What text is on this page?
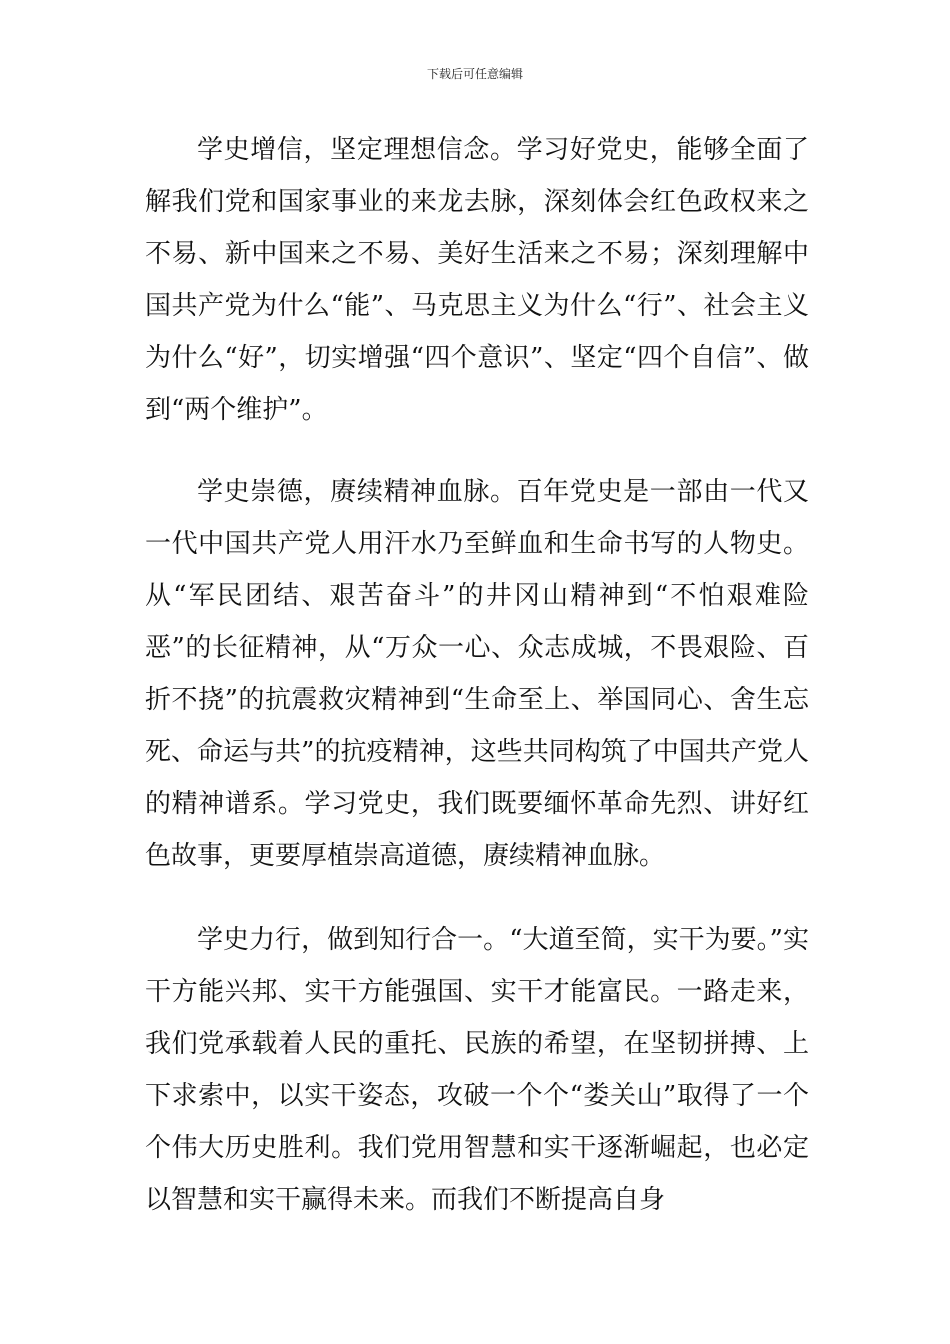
下载后可任意编辑

学史增信，坚定理想信念。学习好党史，能够全面了解我们党和国家事业的来龙去脉，深刻体会红色政权来之不易、新中国来之不易、美好生活来之不易；深刻理解中国共产党为什么“能”、马克思主义为什么“行”、社会主义为什么“好”，切实增强“四个意识”、坚定“四个自信”、做到“两个维护”。

学史崇德，赓续精神血脉。百年党史是一部由一代又一代中国共产党人用汗水乃至鲜血和生命书写的人物史。从“军民团结、艰苦奋斗”的井冈山精神到“不怕艰难险恶”的长征精神，从“万众一心、众志成城，不畏艰险、百折不挠”的抗震救灾精神到“生命至上、举国同心、舍生忘死、命运与共”的抗疫精神，这些共同构筑了中国共产党人的精神谱系。学习党史，我们既要缅怀革命先烈、讲好红色故事，更要厚植崇高道德，赓续精神血脉。

学史力行，做到知行合一。“大道至简，实干为要。”实干方能兴邦、实干方能强国、实干才能富民。一路走来，我们党承载着人民的重托、民族的希望，在坚韧拼搏、上下求索中，以实干姿态，攻破一个个“娄关山”取得了一个个伟大历史胜利。我们党用智慧和实干逐渐崛起，也必定以智慧和实干赢得未来。而我们不断提高自身
